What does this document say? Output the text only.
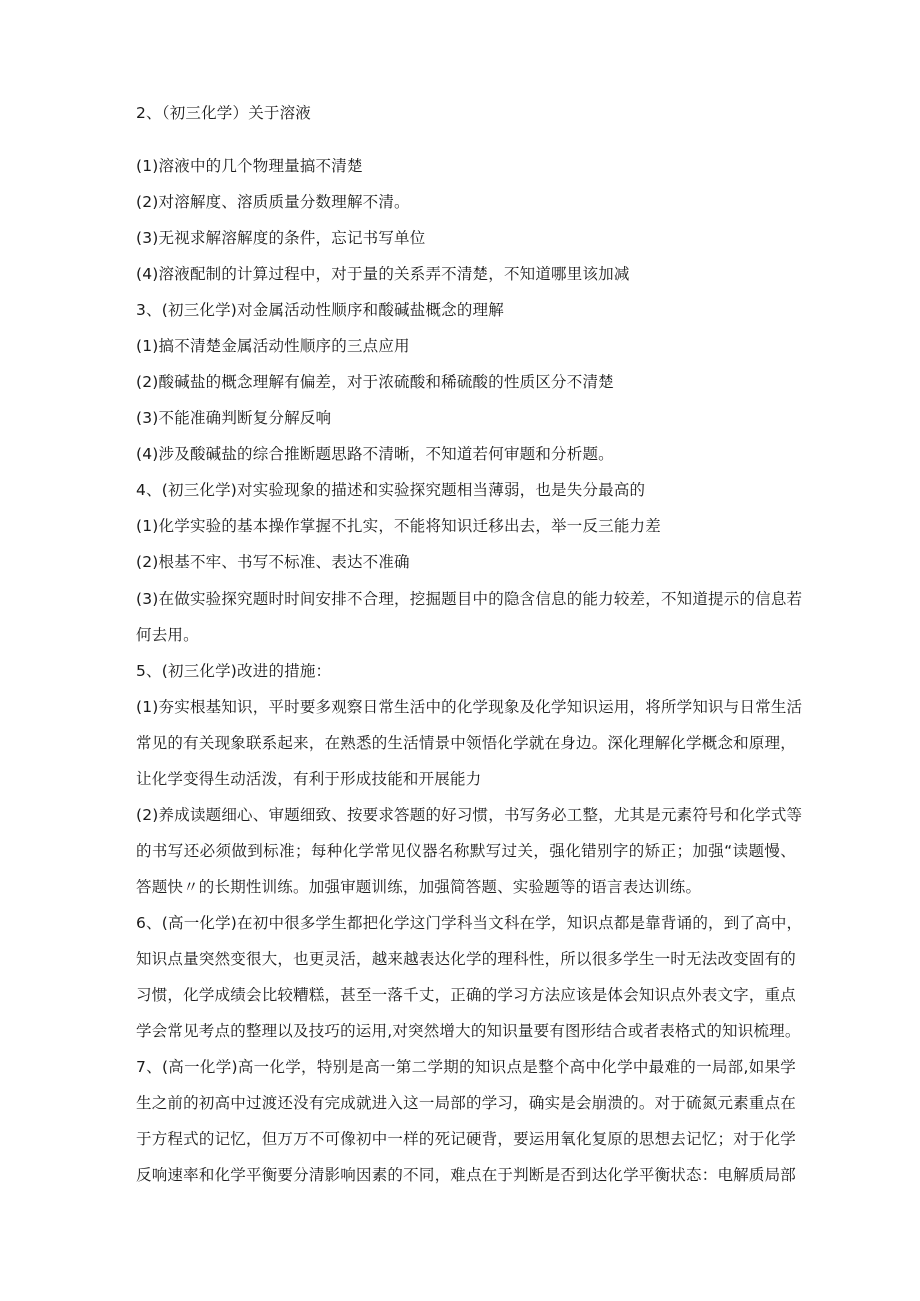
2、（初三化学）关于溶液
(1)溶液中的几个物理量搞不清楚
(2)对溶解度、溶质质量分数理解不清。
(3)无视求解溶解度的条件，忘记书写单位
(4)溶液配制的计算过程中，对于量的关系弄不清楚，不知道哪里该加减
3、(初三化学)对金属活动性顺序和酸碱盐概念的理解
(1)搞不清楚金属活动性顺序的三点应用
(2)酸碱盐的概念理解有偏差，对于浓硫酸和稀硫酸的性质区分不清楚
(3)不能准确判断复分解反响
(4)涉及酸碱盐的综合推断题思路不清晰，不知道若何审题和分析题。
4、(初三化学)对实验现象的描述和实验探究题相当薄弱，也是失分最高的
(1)化学实验的基本操作掌握不扎实，不能将知识迁移出去，举一反三能力差
(2)根基不牢、书写不标准、表达不准确
(3)在做实验探究题时时间安排不合理，挖掘题目中的隐含信息的能力较差，不知道提示的信息若
何去用。
5、(初三化学)改进的措施：
(1)夯实根基知识，平时要多观察日常生活中的化学现象及化学知识运用，将所学知识与日常生活
常见的有关现象联系起来，在熟悉的生活情景中领悟化学就在身边。深化理解化学概念和原理，
让化学变得生动活泼，有利于形成技能和开展能力
(2)养成读题细心、审题细致、按要求答题的好习惯，书写务必工整，尤其是元素符号和化学式等
的书写还必须做到标准；每种化学常见仪器名称默写过关，强化错别字的矫正；加强“读题慢、
答题快〃的长期性训练。加强审题训练，加强简答题、实验题等的语言表达训练。
6、(高一化学)在初中很多学生都把化学这门学科当文科在学，知识点都是靠背诵的，到了高中，
知识点量突然变很大，也更灵活，越来越表达化学的理科性，所以很多学生一时无法改变固有的
习惯，化学成绩会比较糟糕，甚至一落千丈，正确的学习方法应该是体会知识点外表文字，重点
学会常见考点的整理以及技巧的运用,对突然增大的知识量要有图形结合或者表格式的知识梳理。
7、(高一化学)高一化学，特别是高一第二学期的知识点是整个高中化学中最难的一局部,如果学
生之前的初高中过渡还没有完成就进入这一局部的学习，确实是会崩溃的。对于硫氮元素重点在
于方程式的记忆，但万万不可像初中一样的死记硬背，要运用氧化复原的思想去记忆；对于化学
反响速率和化学平衡要分清影响因素的不同，难点在于判断是否到达化学平衡状态：电解质局部
